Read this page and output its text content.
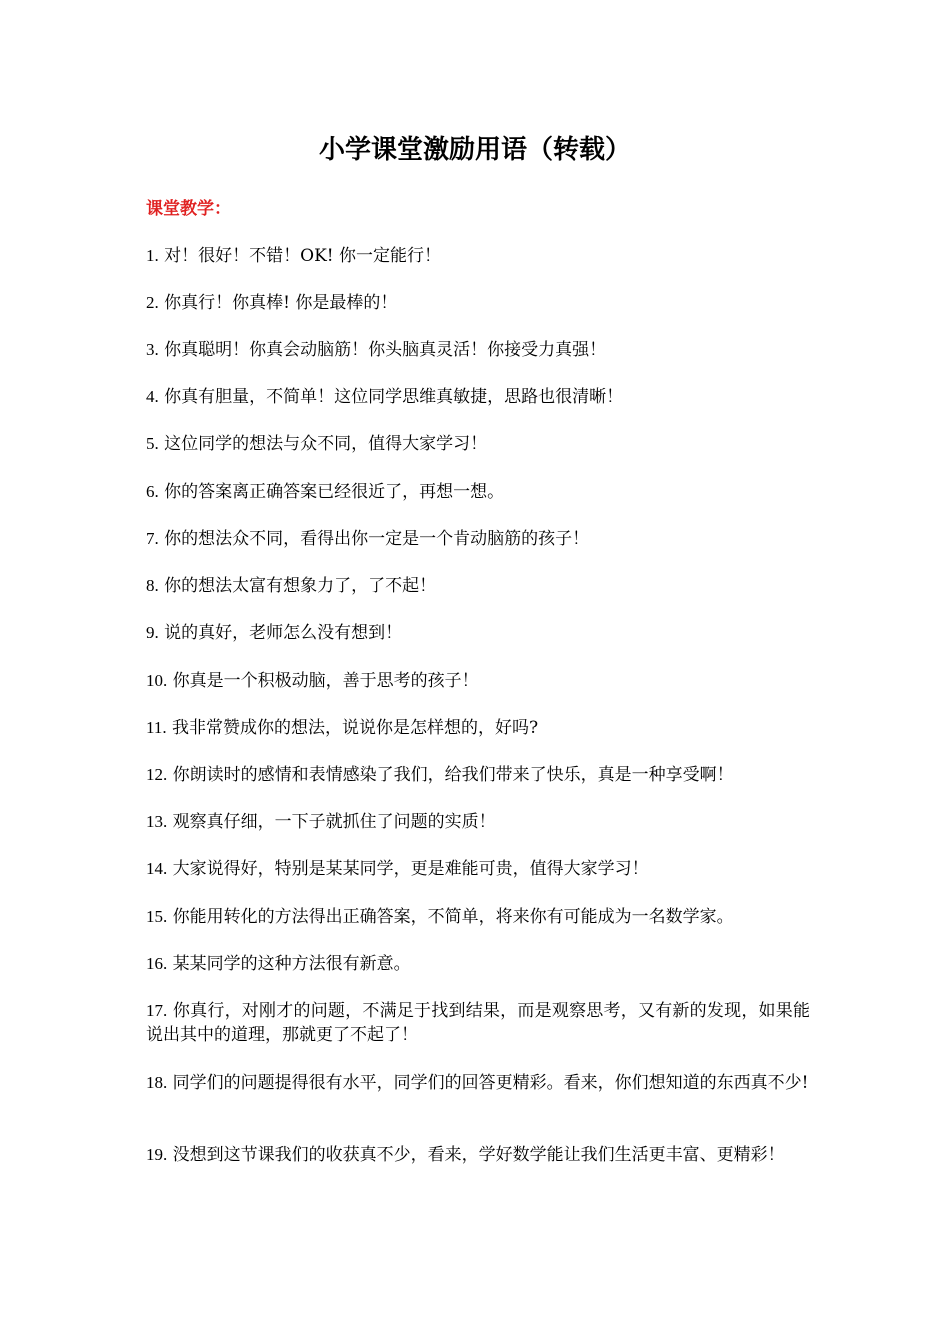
小学课堂激励用语（转载）

课堂教学：

1. 对！很好！不错！OK! 你一定能行！

2. 你真行！你真棒! 你是最棒的！

3. 你真聪明！你真会动脑筋！你头脑真灵活！你接受力真强！

4. 你真有胆量，不简单！这位同学思维真敏捷，思路也很清晰！

5. 这位同学的想法与众不同，值得大家学习！

6. 你的答案离正确答案已经很近了，再想一想。

7. 你的想法众不同，看得出你一定是一个肯动脑筋的孩子！

8. 你的想法太富有想象力了，了不起！

9. 说的真好，老师怎么没有想到！

10. 你真是一个积极动脑，善于思考的孩子！

11. 我非常赞成你的想法，说说你是怎样想的，好吗?

12. 你朗读时的感情和表情感染了我们，给我们带来了快乐，真是一种享受啊！

13. 观察真仔细，一下子就抓住了问题的实质！

14. 大家说得好，特别是某某同学，更是难能可贵，值得大家学习！

15. 你能用转化的方法得出正确答案，不简单，将来你有可能成为一名数学家。

16. 某某同学的这种方法很有新意。

17. 你真行，对刚才的问题，不满足于找到结果，而是观察思考，又有新的发现，如果能说出其中的道理，那就更了不起了！

18. 同学们的问题提得很有水平，同学们的回答更精彩。看来，你们想知道的东西真不少!

19. 没想到这节课我们的收获真不少，看来，学好数学能让我们生活更丰富、更精彩！
